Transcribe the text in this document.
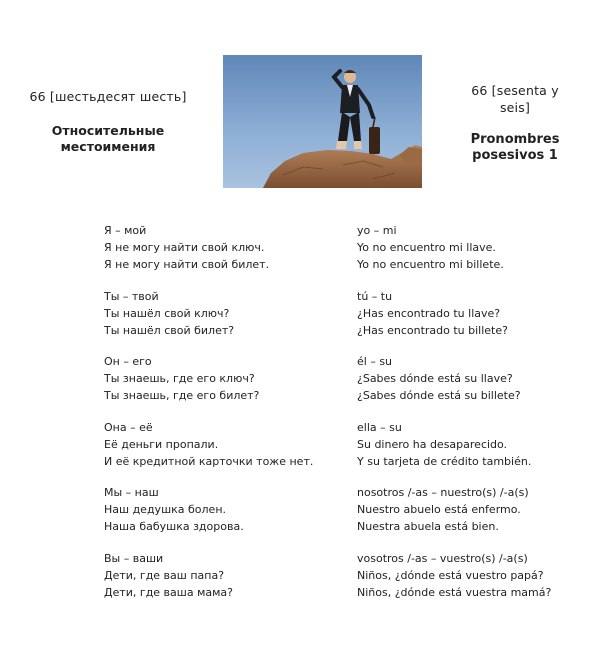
66 [шестьдесят шесть]
Относительные
местоимения
66 [sesenta y
seis]
Pronombres
posesivos 1
Я – мой
Я не могу найти свой ключ.
Я не могу найти свой билет.
Ты – твой
Ты нашёл свой ключ?
Ты нашёл свой билет?
Он – его
Ты знаешь, где его ключ?
Ты знаешь, где его билет?
Она – её
Её деньги пропали.
И её кредитной карточки тоже нет.
Мы – наш
Наш дедушка болен.
Наша бабушка здорова.
Вы – ваши
Дети, где ваш папа?
Дети, где ваша мама?
yo – mi
Yo no encuentro mi llave.
Yo no encuentro mi billete.
tú – tu
¿Has encontrado tu llave?
¿Has encontrado tu billete?
él – su
¿Sabes dónde está su llave?
¿Sabes dónde está su billete?
ella – su
Su dinero ha desaparecido.
Y su tarjeta de crédito también.
nosotros /-as – nuestro(s) /-a(s)
Nuestro abuelo está enfermo.
Nuestra abuela está bien.
vosotros /-as – vuestro(s) /-a(s)
Niños, ¿dónde está vuestro papá?
Niños, ¿dónde está vuestra mamá?
